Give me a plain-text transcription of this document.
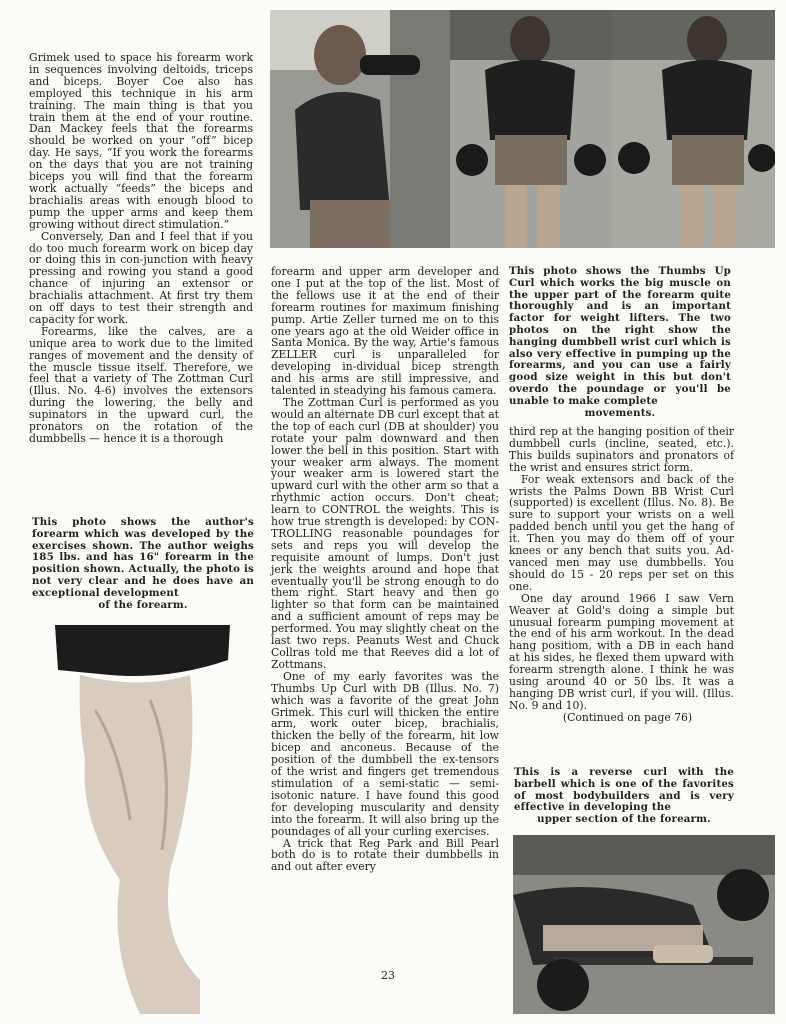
Grimek used to space his forearm work in sequences involving deltoids, triceps and biceps. Boyer Coe also has employed this technique in his arm training. The main thing is that you train them at the end of your routine. Dan Mackey feels that the forearms should be worked on your “off” bicep day. He says, “If you work the forearms on the days that you are not training biceps you will find that the forearm work actually “feeds” the biceps and brachialis areas with enough blood to pump the upper arms and keep them growing without direct stimulation.”

Conversely, Dan and I feel that if you do too much forearm work on bicep day or doing this in con-junction with heavy pressing and rowing you stand a good chance of injuring an extensor or brachialis attachment. At first try them on off days to test their strength and capacity for work.

Forearms, like the calves, are a unique area to work due to the limited ranges of movement and the density of the muscle tissue itself. Therefore, we feel that a variety of The Zottman Curl (Illus. No. 4-6) involves the extensors during the lowering, the belly and supinators in the upward curl, the pronators on the rotation of the dumbbells — hence it is a thorough

This photo shows the author's forearm which was developed by the exercises shown. The author weighs 185 lbs. and has 16" forearm in the position shown. Actually, the photo is not very clear and he does have an exceptional development
of the forearm.

forearm and upper arm developer and one I put at the top of the list. Most of the fellows use it at the end of their forearm routines for maximum finishing pump. Artie Zeller turned me on to this one years ago at the old Weider office in Santa Monica. By the way, Artie's famous ZELLER curl is unparalleled for developing in-dividual bicep strength and his arms are still impressive, and talented in steadying his famous camera.

The Zottman Curl is performed as you would an alternate DB curl except that at the top of each curl (DB at shoulder) you rotate your palm downward and then lower the bell in this position. Start with your weaker arm always. The moment your weaker arm is lowered start the upward curl with the other arm so that a rhythmic action occurs. Don't cheat; learn to CONTROL the weights. This is how true strength is developed: by CON-TROLLING reasonable poundages for sets and reps you will develop the requisite amount of lumps. Don't just jerk the weights around and hope that eventually you'll be strong enough to do them right. Start heavy and then go lighter so that form can be maintained and a sufficient amount of reps may be performed. You may slightly cheat on the last two reps. Peanuts West and Chuck Collras told me that Reeves did a lot of Zottmans.

One of my early favorites was the Thumbs Up Curl with DB (Illus. No. 7) which was a favorite of the great John Grimek. This curl will thicken the entire arm, work outer bicep, brachialis, thicken the belly of the forearm, hit low bicep and anconeus. Because of the position of the dumbbell the ex-tensors of the wrist and fingers get tremendous stimulation of a semi-static — semi-isotonic nature. I have found this good for developing muscularity and density into the forearm. It will also bring up the poundages of all your curling exercises.

A trick that Reg Park and Bill Pearl both do is to rotate their dumbbells in and out after every

23
This photo shows the Thumbs Up Curl which works the big muscle on the upper part of the forearm quite thoroughly and is an important factor for weight lifters. The two photos on the right show the hanging dumbbell wrist curl which is also very effective in pumping up the forearms, and you can use a fairly good size weight in this but don't overdo the poundage or you'll be unable to make complete
movements.

third rep at the hanging position of their dumbbell curls (incline, seated, etc.). This builds supinators and pronators of the wrist and ensures strict form.

For weak extensors and back of the wrists the Palms Down BB Wrist Curl (supported) is excellent (Illus. No. 8). Be sure to support your wrists on a well padded bench until you get the hang of it. Then you may do them off of your knees or any bench that suits you. Ad-vanced men may use dumbbells. You should do 15 - 20 reps per set on this one.

One day around 1966 I saw Vern Weaver at Gold's doing a simple but unusual forearm pumping movement at the end of his arm workout. In the dead hang positiom, with a DB in each hand at his sides, he flexed them upward with forearm strength alone. I think he was using around 40 or 50 lbs. It was a hanging DB wrist curl, if you will. (Illus. No. 9 and 10).

(Continued on page 76)

This is a reverse curl with the barbell which is one of the favorites of most bodybuilders and is very effective in developing the
upper section of the forearm.
